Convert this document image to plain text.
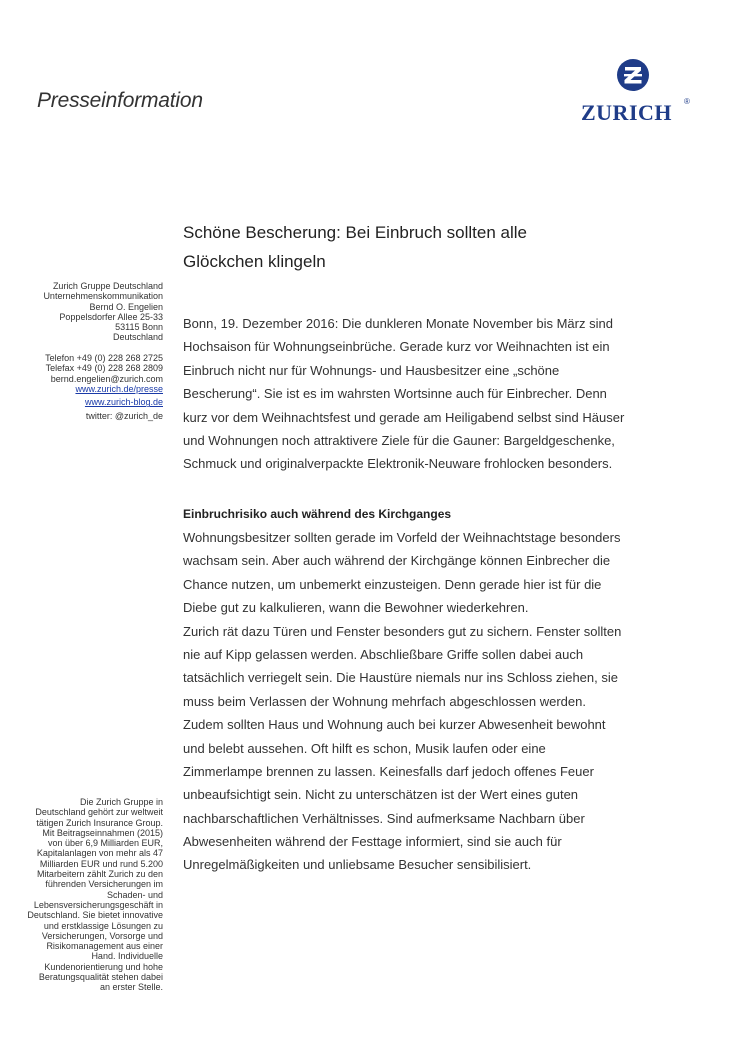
Presseinformation	ZURICH ®
Schöne Bescherung: Bei Einbruch sollten alle
Glöckchen klingeln
Zurich Gruppe Deutschland
Unternehmenskommunikation
Bernd O. Engelien
Poppelsdorfer Allee 25-33
53115 Bonn
Deutschland
Telefon +49 (0) 228 268 2725
Telefax +49 (0) 228 268 2809
bernd.engelien@zurich.com
www.zurich.de/presse
www.zurich-blog.de
twitter: @zurich_de
Die Zurich Gruppe in
Deutschland gehört zur weltweit
tätigen Zurich Insurance Group.
Mit Beitragseinnahmen (2015)
von über 6,9 Milliarden EUR,
Kapitalanlagen von mehr als 47
Milliarden EUR und rund 5.200
Mitarbeitern zählt Zurich zu den
führenden Versicherungen im
Schaden- und
Lebensversicherungsgeschäft in
Deutschland. Sie bietet innovative
und erstklassige Lösungen zu
Versicherungen, Vorsorge und
Risikomanagement aus einer
Hand. Individuelle
Kundenorientierung und hohe
Beratungsqualität stehen dabei
an erster Stelle.
Bonn, 19. Dezember 2016: Die dunkleren Monate November bis März sind
Hochsaison für Wohnungseinbrüche. Gerade kurz vor Weihnachten ist ein
Einbruch nicht nur für Wohnungs- und Hausbesitzer eine „schöne
Bescherung“. Sie ist es im wahrsten Wortsinne auch für Einbrecher. Denn
kurz vor dem Weihnachtsfest und gerade am Heiligabend selbst sind Häuser
und Wohnungen noch attraktivere Ziele für die Gauner: Bargeldgeschenke,
Schmuck und originalverpackte Elektronik-Neuware frohlocken besonders.
Einbruchrisiko auch während des Kirchganges
Wohnungsbesitzer sollten gerade im Vorfeld der Weihnachtstage besonders
wachsam sein. Aber auch während der Kirchgänge können Einbrecher die
Chance nutzen, um unbemerkt einzusteigen. Denn gerade hier ist für die
Diebe gut zu kalkulieren, wann die Bewohner wiederkehren.
Zurich rät dazu Türen und Fenster besonders gut zu sichern. Fenster sollten
nie auf Kipp gelassen werden. Abschließbare Griffe sollen dabei auch
tatsächlich verriegelt sein. Die Haustüre niemals nur ins Schloss ziehen, sie
muss beim Verlassen der Wohnung mehrfach abgeschlossen werden.
Zudem sollten Haus und Wohnung auch bei kurzer Abwesenheit bewohnt
und belebt aussehen. Oft hilft es schon, Musik laufen oder eine
Zimmerlampe brennen zu lassen. Keinesfalls darf jedoch offenes Feuer
unbeaufsichtigt sein. Nicht zu unterschätzen ist der Wert eines guten
nachbarschaftlichen Verhältnisses. Sind aufmerksame Nachbarn über
Abwesenheiten während der Festtage informiert, sind sie auch für
Unregelmäßigkeiten und unliebsame Besucher sensibilisiert.
